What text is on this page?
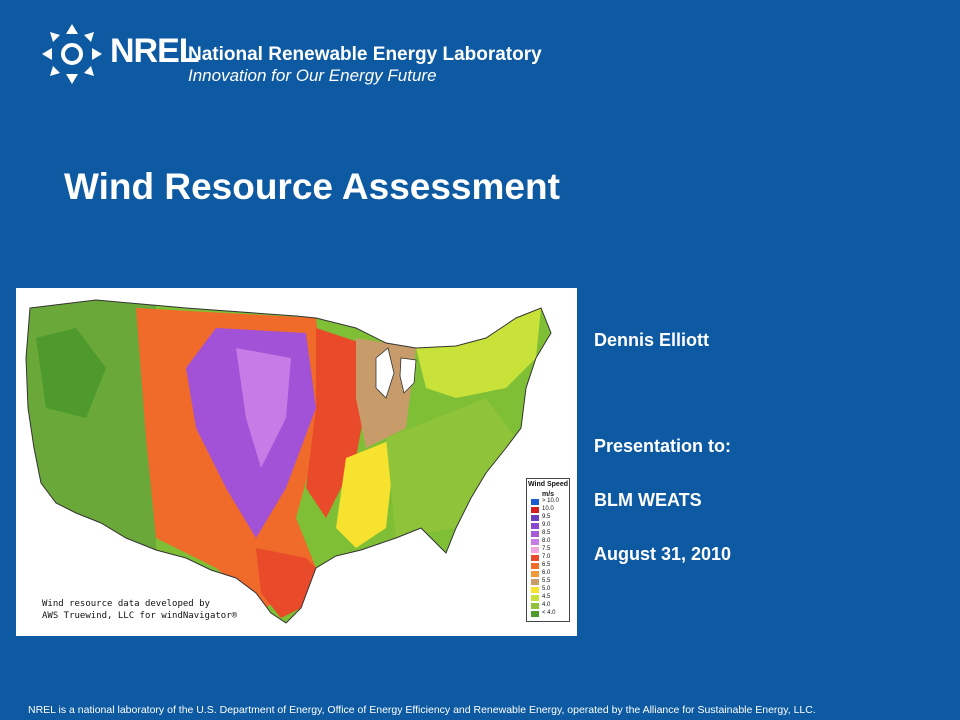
NREL
National Renewable Energy Laboratory
Innovation for Our Energy Future
Wind Resource Assessment
Wind Speed
m/s
> 10.0
10.0
9.5
9.0
8.5
8.0
7.5
7.0
6.5
6.0
5.5
5.0
4.5
4.0
< 4.0
Wind resource data developed by
AWS Truewind, LLC for windNavigator®
Dennis Elliott
Presentation to:
BLM WEATS
August 31, 2010
NREL is a national laboratory of the U.S. Department of Energy, Office of Energy Efficiency and Renewable Energy, operated by the Alliance for Sustainable Energy, LLC.
